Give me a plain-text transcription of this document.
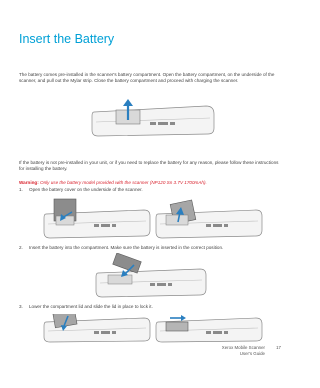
Insert the Battery

The battery comes pre-installed in the scanner's battery compartment. Open the battery compartment, on the underside of the scanner, and pull out the Mylar strip. Close the battery compartment and proceed with charging the scanner.

If the battery is not pre-installed in your unit, or if you need to replace the battery for any reason, please follow these instructions for installing the battery.

Warning: Only use the battery model provided with the scanner (NP120 Sn 3.7V 1700mAh).

1. Open the battery cover on the underside of the scanner.
2. Insert the battery into the compartment. Make sure the battery is inserted in the correct position.
3. Lower the compartment lid and slide the lid in place to lock it.
Xerox Mobile Scanner
User's Guide
17
